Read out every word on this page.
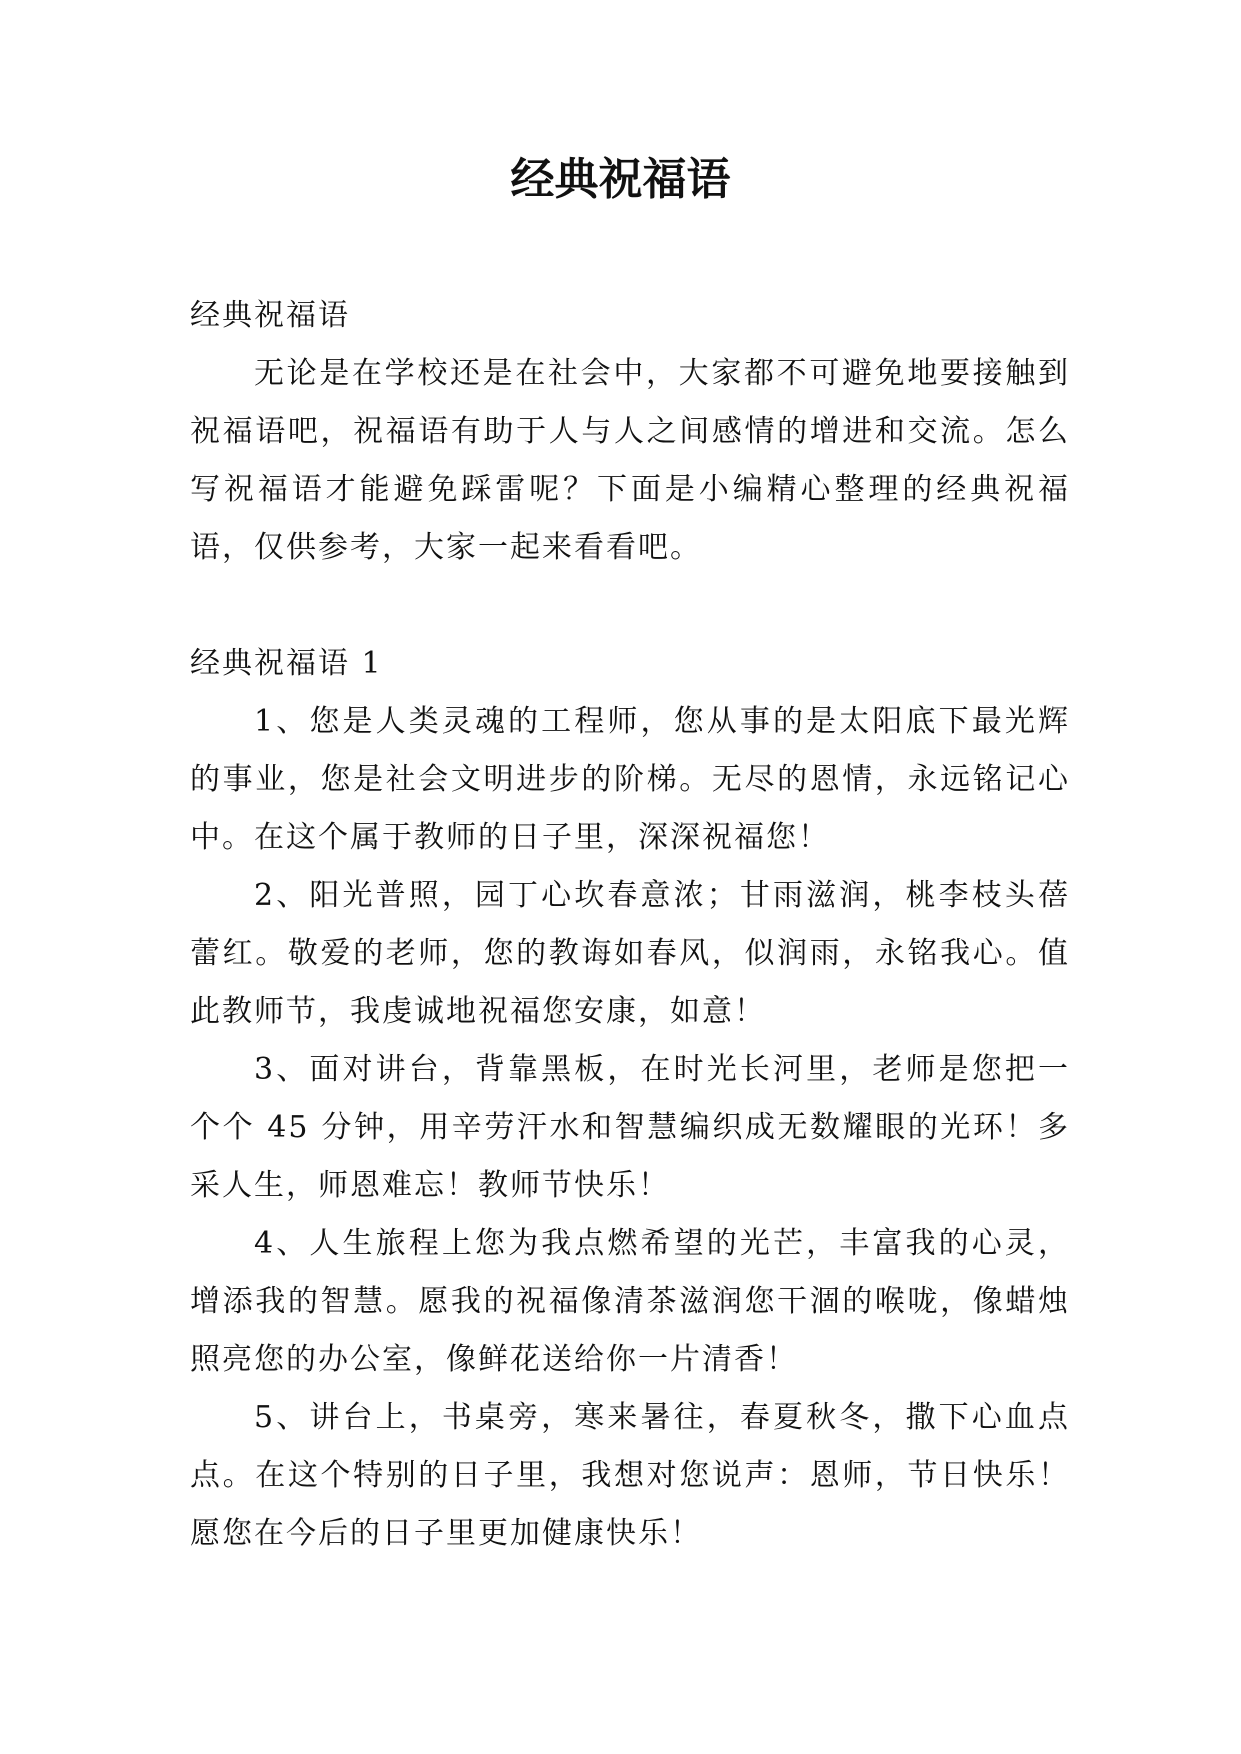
经典祝福语

经典祝福语

无论是在学校还是在社会中，大家都不可避免地要接触到祝福语吧，祝福语有助于人与人之间感情的增进和交流。怎么写祝福语才能避免踩雷呢？下面是小编精心整理的经典祝福语，仅供参考，大家一起来看看吧。

经典祝福语 1

1、您是人类灵魂的工程师，您从事的是太阳底下最光辉的事业，您是社会文明进步的阶梯。无尽的恩情，永远铭记心中。在这个属于教师的日子里，深深祝福您！

2、阳光普照，园丁心坎春意浓；甘雨滋润，桃李枝头蓓蕾红。敬爱的老师，您的教诲如春风，似润雨，永铭我心。值此教师节，我虔诚地祝福您安康，如意！

3、面对讲台，背靠黑板，在时光长河里，老师是您把一个个 45 分钟，用辛劳汗水和智慧编织成无数耀眼的光环！多采人生，师恩难忘！教师节快乐！

4、人生旅程上您为我点燃希望的光芒，丰富我的心灵，增添我的智慧。愿我的祝福像清茶滋润您干涸的喉咙，像蜡烛照亮您的办公室，像鲜花送给你一片清香！

5、讲台上，书桌旁，寒来暑往，春夏秋冬，撒下心血点点。在这个特别的日子里，我想对您说声：恩师，节日快乐！愿您在今后的日子里更加健康快乐！
